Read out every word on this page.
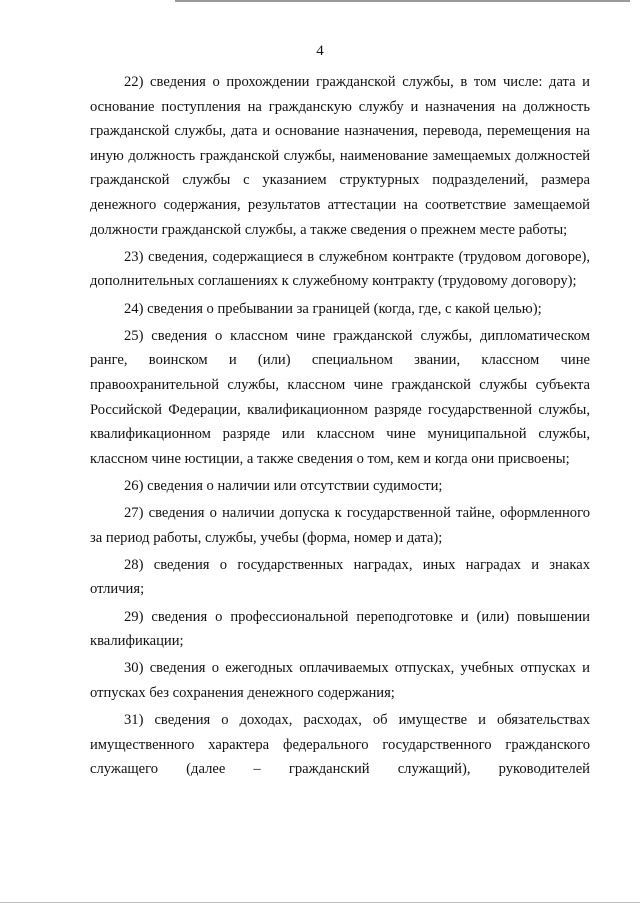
4

22) сведения о прохождении гражданской службы, в том числе: дата и основание поступления на гражданскую службу и назначения на должность гражданской службы, дата и основание назначения, перевода, перемещения на иную должность гражданской службы, наименование замещаемых должностей гражданской службы с указанием структурных подразделений, размера денежного содержания, результатов аттестации на соответствие замещаемой должности гражданской службы, а также сведения о прежнем месте работы;

23) сведения, содержащиеся в служебном контракте (трудовом договоре), дополнительных соглашениях к служебному контракту (трудовому договору);

24) сведения о пребывании за границей (когда, где, с какой целью);

25) сведения о классном чине гражданской службы, дипломатическом ранге, воинском и (или) специальном звании, классном чине правоохранительной службы, классном чине гражданской службы субъекта Российской Федерации, квалификационном разряде государственной службы, квалификационном разряде или классном чине муниципальной службы, классном чине юстиции, а также сведения о том, кем и когда они присвоены;

26) сведения о наличии или отсутствии судимости;

27) сведения о наличии допуска к государственной тайне, оформленного за период работы, службы, учебы (форма, номер и дата);

28) сведения о государственных наградах, иных наградах и знаках отличия;

29) сведения о профессиональной переподготовке и (или) повышении квалификации;

30) сведения о ежегодных оплачиваемых отпусках, учебных отпусках и отпусках без сохранения денежного содержания;

31) сведения о доходах, расходах, об имуществе и обязательствах имущественного характера федерального государственного гражданского служащего (далее – гражданский служащий), руководителей
